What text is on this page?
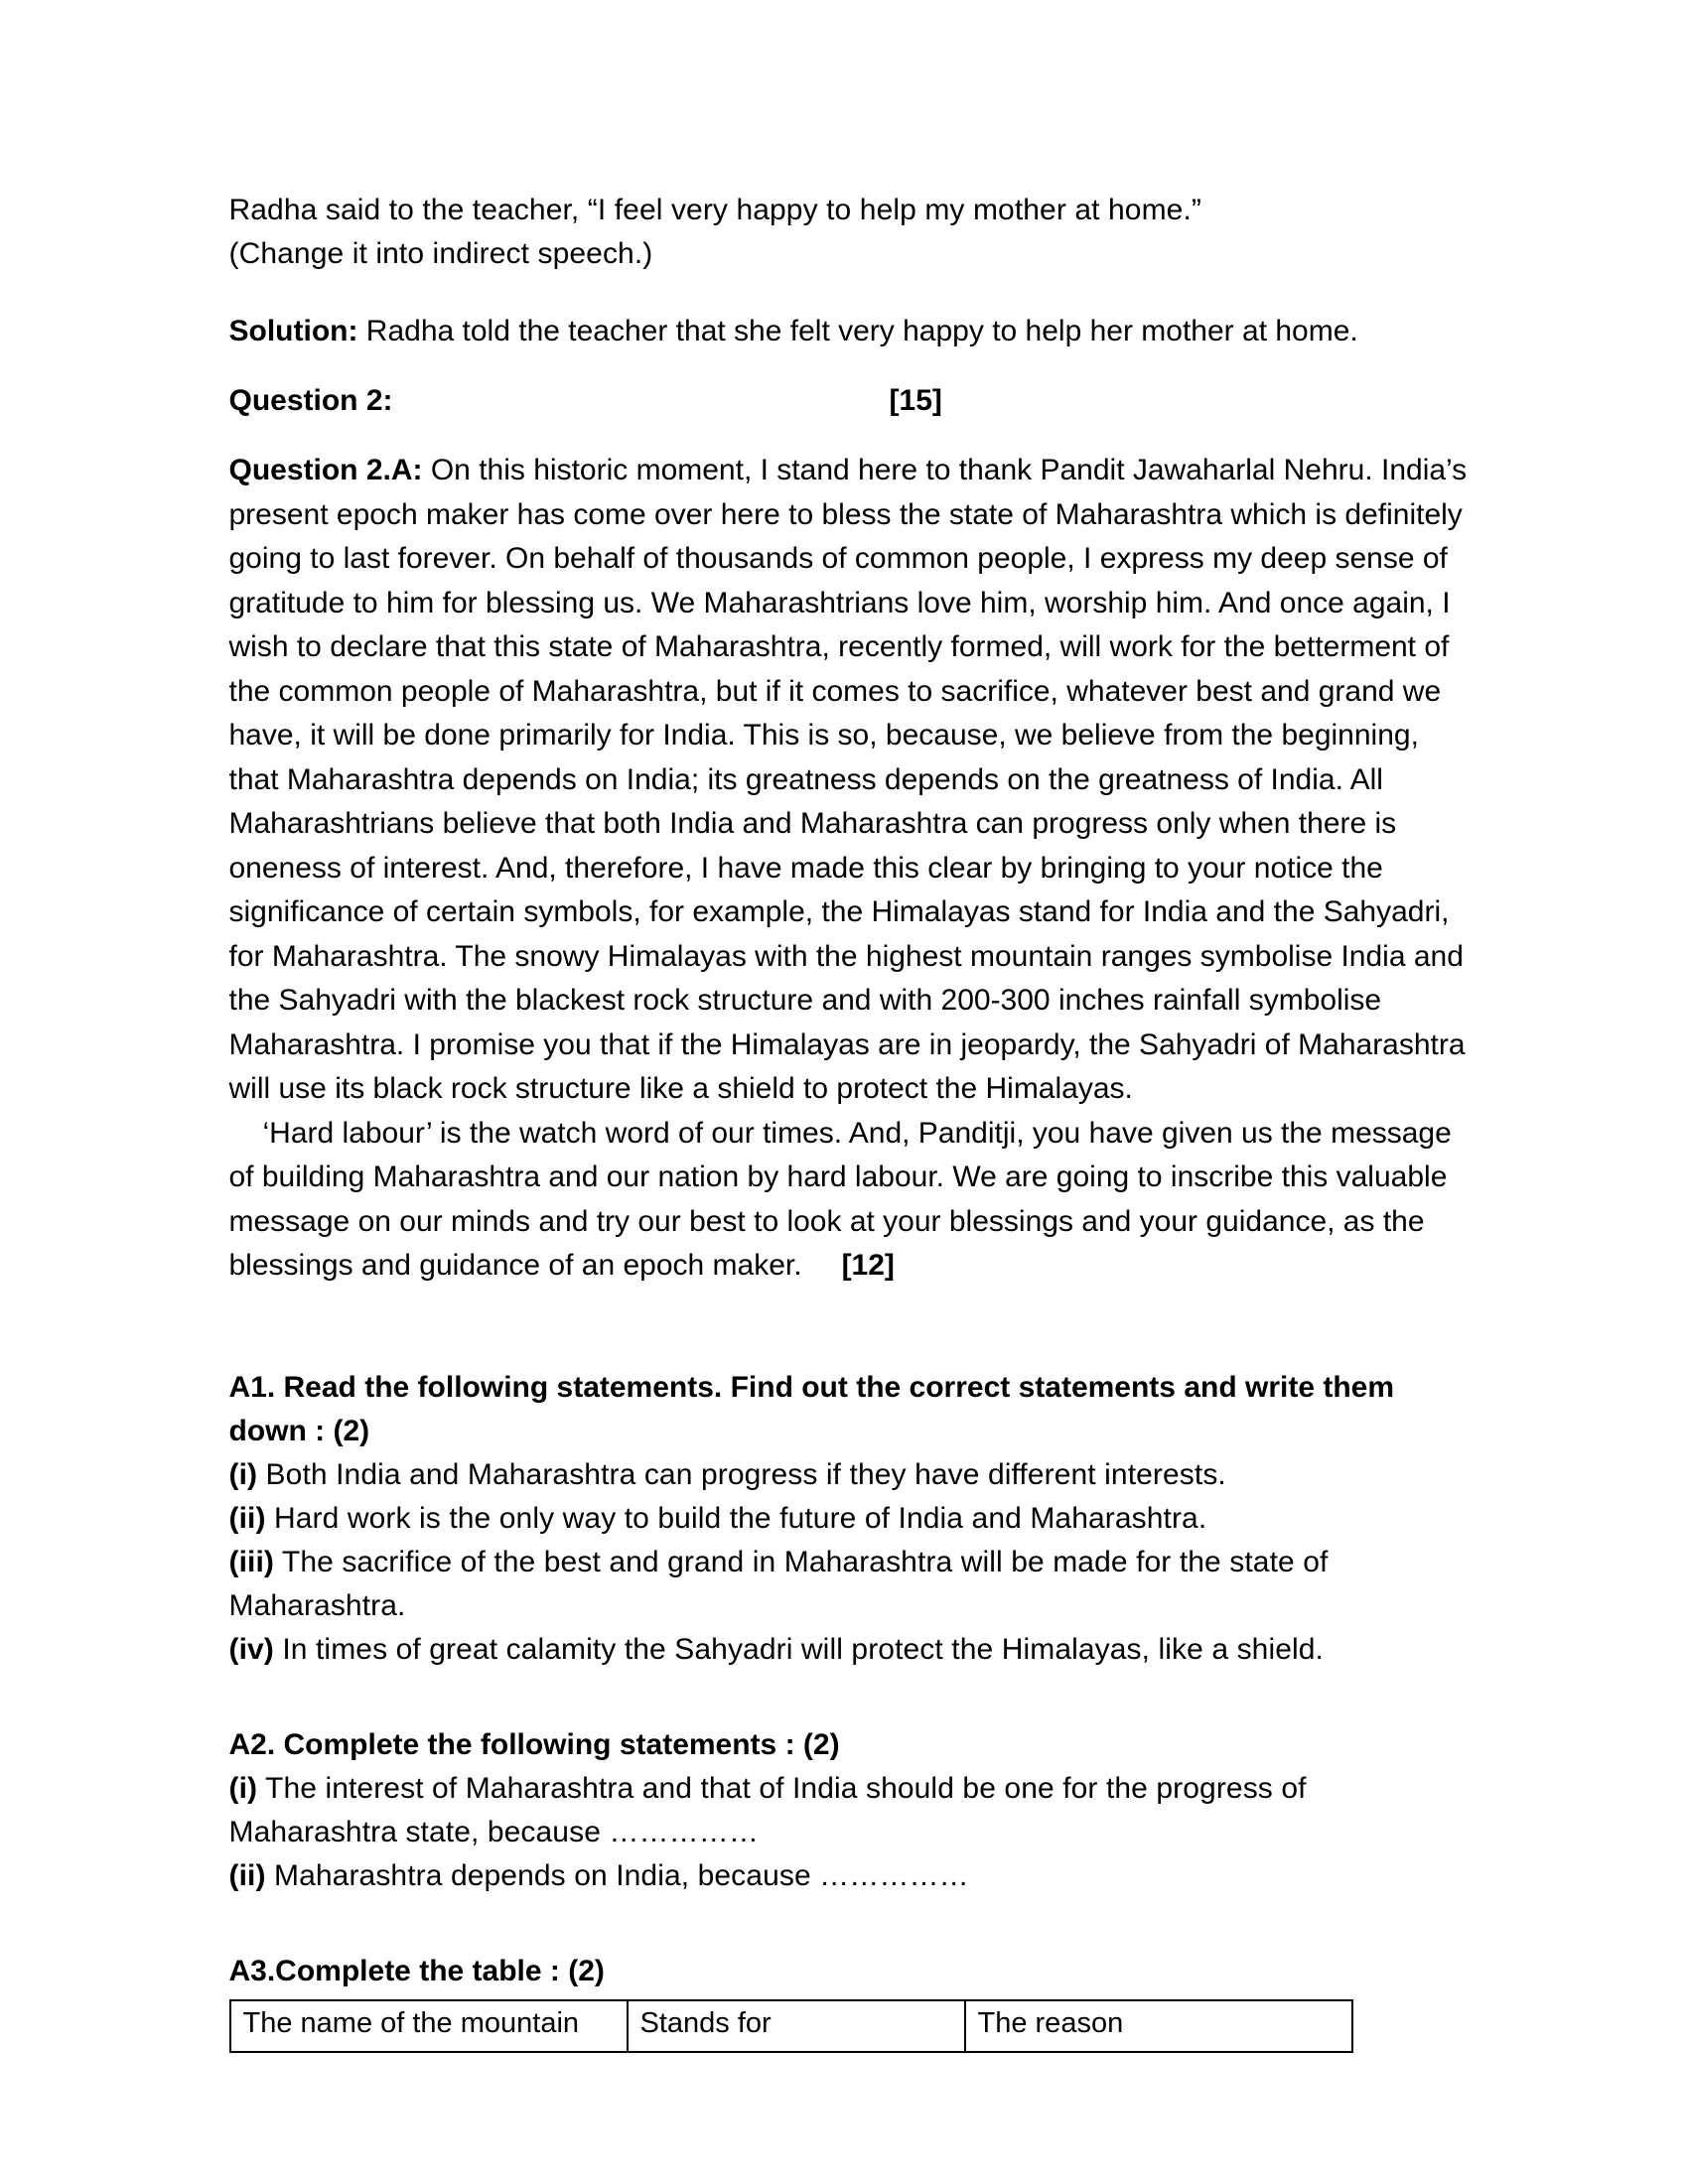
Radha said to the teacher, “I feel very happy to help my mother at home.”
(Change it into indirect speech.)
Solution: Radha told the teacher that she felt very happy to help her mother at home.
Question 2:	[15]
Question 2.A: On this historic moment, I stand here to thank Pandit Jawaharlal Nehru. India’s present epoch maker has come over here to bless the state of Maharashtra which is definitely going to last forever. On behalf of thousands of common people, I express my deep sense of gratitude to him for blessing us. We Maharashtrians love him, worship him. And once again, I wish to declare that this state of Maharashtra, recently formed, will work for the betterment of the common people of Maharashtra, but if it comes to sacrifice, whatever best and grand we have, it will be done primarily for India. This is so, because, we believe from the beginning, that Maharashtra depends on India; its greatness depends on the greatness of India. All Maharashtrians believe that both India and Maharashtra can progress only when there is oneness of interest. And, therefore, I have made this clear by bringing to your notice the significance of certain symbols, for example, the Himalayas stand for India and the Sahyadri, for Maharashtra. The snowy Himalayas with the highest mountain ranges symbolise India and the Sahyadri with the blackest rock structure and with 200-300 inches rainfall symbolise Maharashtra. I promise you that if the Himalayas are in jeopardy, the Sahyadri of Maharashtra will use its black rock structure like a shield to protect the Himalayas.
‘Hard labour’ is the watch word of our times. And, Panditji, you have given us the message of building Maharashtra and our nation by hard labour. We are going to inscribe this valuable message on our minds and try our best to look at your blessings and your guidance, as the blessings and guidance of an epoch maker. [12]
A1. Read the following statements. Find out the correct statements and write them down : (2)
(i) Both India and Maharashtra can progress if they have different interests.
(ii) Hard work is the only way to build the future of India and Maharashtra.
(iii) The sacrifice of the best and grand in Maharashtra will be made for the state of Maharashtra.
(iv) In times of great calamity the Sahyadri will protect the Himalayas, like a shield.
A2. Complete the following statements : (2)
(i) The interest of Maharashtra and that of India should be one for the progress of Maharashtra state, because ……………
(ii) Maharashtra depends on India, because ……………
A3.Complete the table : (2)
The name of the mountain	Stands for	The reason
